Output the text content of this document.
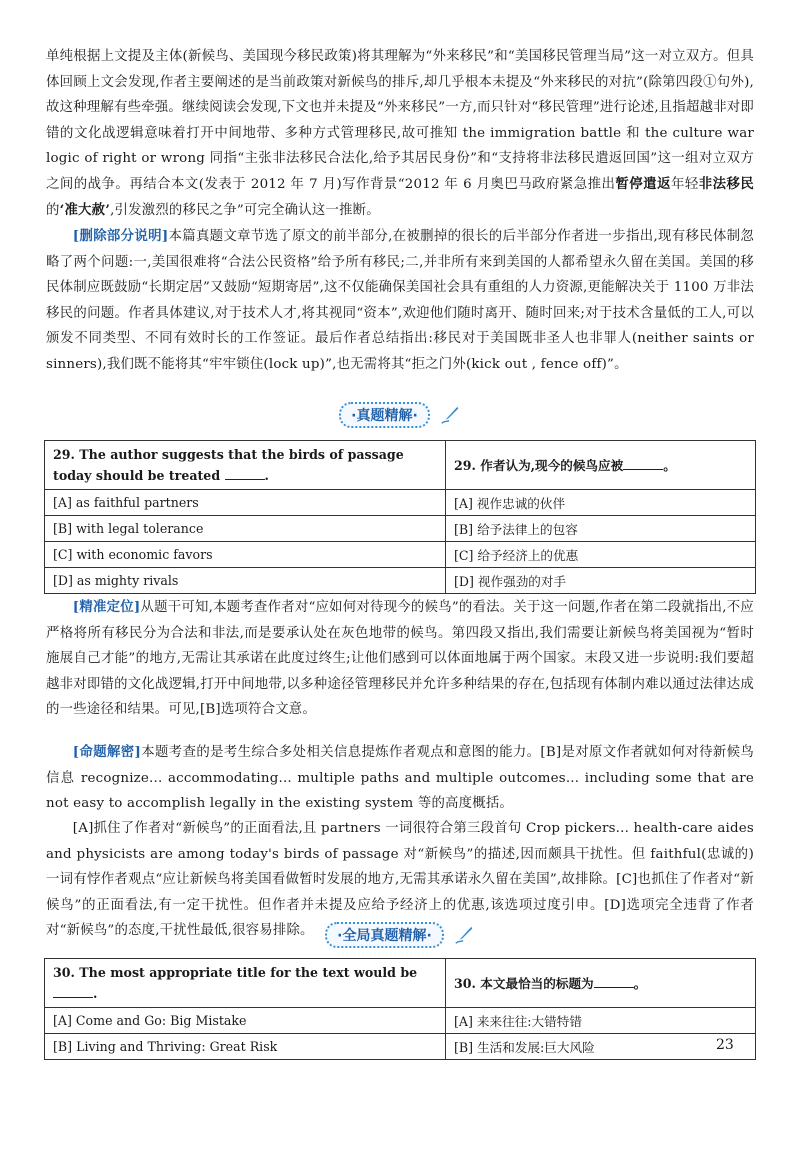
单纯根据上文提及主体(新候鸟、美国现今移民政策)将其理解为“外来移民”和“美国移民管理当局”这一对立双方。但具体回顾上文会发现,作者主要阐述的是当前政策对新候鸟的排斥,却几乎根本未提及“外来移民的对抗”(除第四段①句外),故这种理解有些牵强。继续阅读会发现,下文也并未提及“外来移民”一方,而只针对“移民管理”进行论述,且指超越非对即错的文化战逻辑意味着打开中间地带、多种方式管理移民,故可推知 the immigration battle 和 the culture war logic of right or wrong 同指“主张非法移民合法化,给予其居民身份”和“支持将非法移民遣返回国”这一组对立双方之间的战争。再结合本文(发表于 2012 年 7 月)写作背景“2012 年 6 月奥巴马政府紧急推出暂停遣返年轻非法移民的‘准大赦’,引发激烈的移民之争”可完全确认这一推断。

[删除部分说明]本篇真题文章节选了原文的前半部分,在被删掉的很长的后半部分作者进一步指出,现有移民体制忽略了两个问题:一,美国很难将“合法公民资格”给予所有移民;二,并非所有来到美国的人都希望永久留在美国。美国的移民体制应既鼓励“长期定居”又鼓励“短期寄居”,这不仅能确保美国社会具有重组的人力资源,更能解决关于 1100 万非法移民的问题。作者具体建议,对于技术人才,将其视同“资本”,欢迎他们随时离开、随时回来;对于技术含量低的工人,可以颁发不同类型、不同有效时长的工作签证。最后作者总结指出:移民对于美国既非圣人也非罪人(neither saints or sinners),我们既不能将其“牢牢锁住(lock up)”,也无需将其“拒之门外(kick out , fence off)”。

·真题精解·
29. The author suggests that the birds of passage today should be treated .	29. 作者认为,现今的候鸟应被 。
[A] as faithful partners	[A] 视作忠诚的伙伴
[B] with legal tolerance	[B] 给予法律上的包容
[C] with economic favors	[C] 给予经济上的优惠
[D] as mighty rivals	[D] 视作强劲的对手

[精准定位]从题干可知,本题考查作者对“应如何对待现今的候鸟”的看法。关于这一问题,作者在第二段就指出,不应严格将所有移民分为合法和非法,而是要承认处在灰色地带的候鸟。第四段又指出,我们需要让新候鸟将美国视为“暂时施展自己才能”的地方,无需让其承诺在此度过终生;让他们感到可以体面地属于两个国家。末段又进一步说明:我们要超越非对即错的文化战逻辑,打开中间地带,以多种途径管理移民并允许多种结果的存在,包括现有体制内难以通过法律达成的一些途径和结果。可见,[B]选项符合文意。

[命题解密]本题考查的是考生综合多处相关信息提炼作者观点和意图的能力。[B]是对原文作者就如何对待新候鸟信息 recognize... accommodating... multiple paths and multiple outcomes... including some that are not easy to accomplish legally in the existing system 等的高度概括。

[A]抓住了作者对“新候鸟”的正面看法,且 partners 一词很符合第三段首句 Crop pickers... health-care aides and physicists are among today's birds of passage 对“新候鸟”的描述,因而颇具干扰性。但 faithful(忠诚的)一词有悖作者观点“应让新候鸟将美国看做暂时发展的地方,无需其承诺永久留在美国”,故排除。[C]也抓住了作者对“新候鸟”的正面看法,有一定干扰性。但作者并未提及应给予经济上的优惠,该选项过度引申。[D]选项完全违背了作者对“新候鸟”的态度,干扰性最低,很容易排除。	·全局真题精解·
30. The most appropriate title for the text would be .	30. 本文最恰当的标题为 。
[A] Come and Go: Big Mistake	[A] 来来往往:大错特错
[B] Living and Thriving: Great Risk	[B] 生活和发展:巨大风险	23
